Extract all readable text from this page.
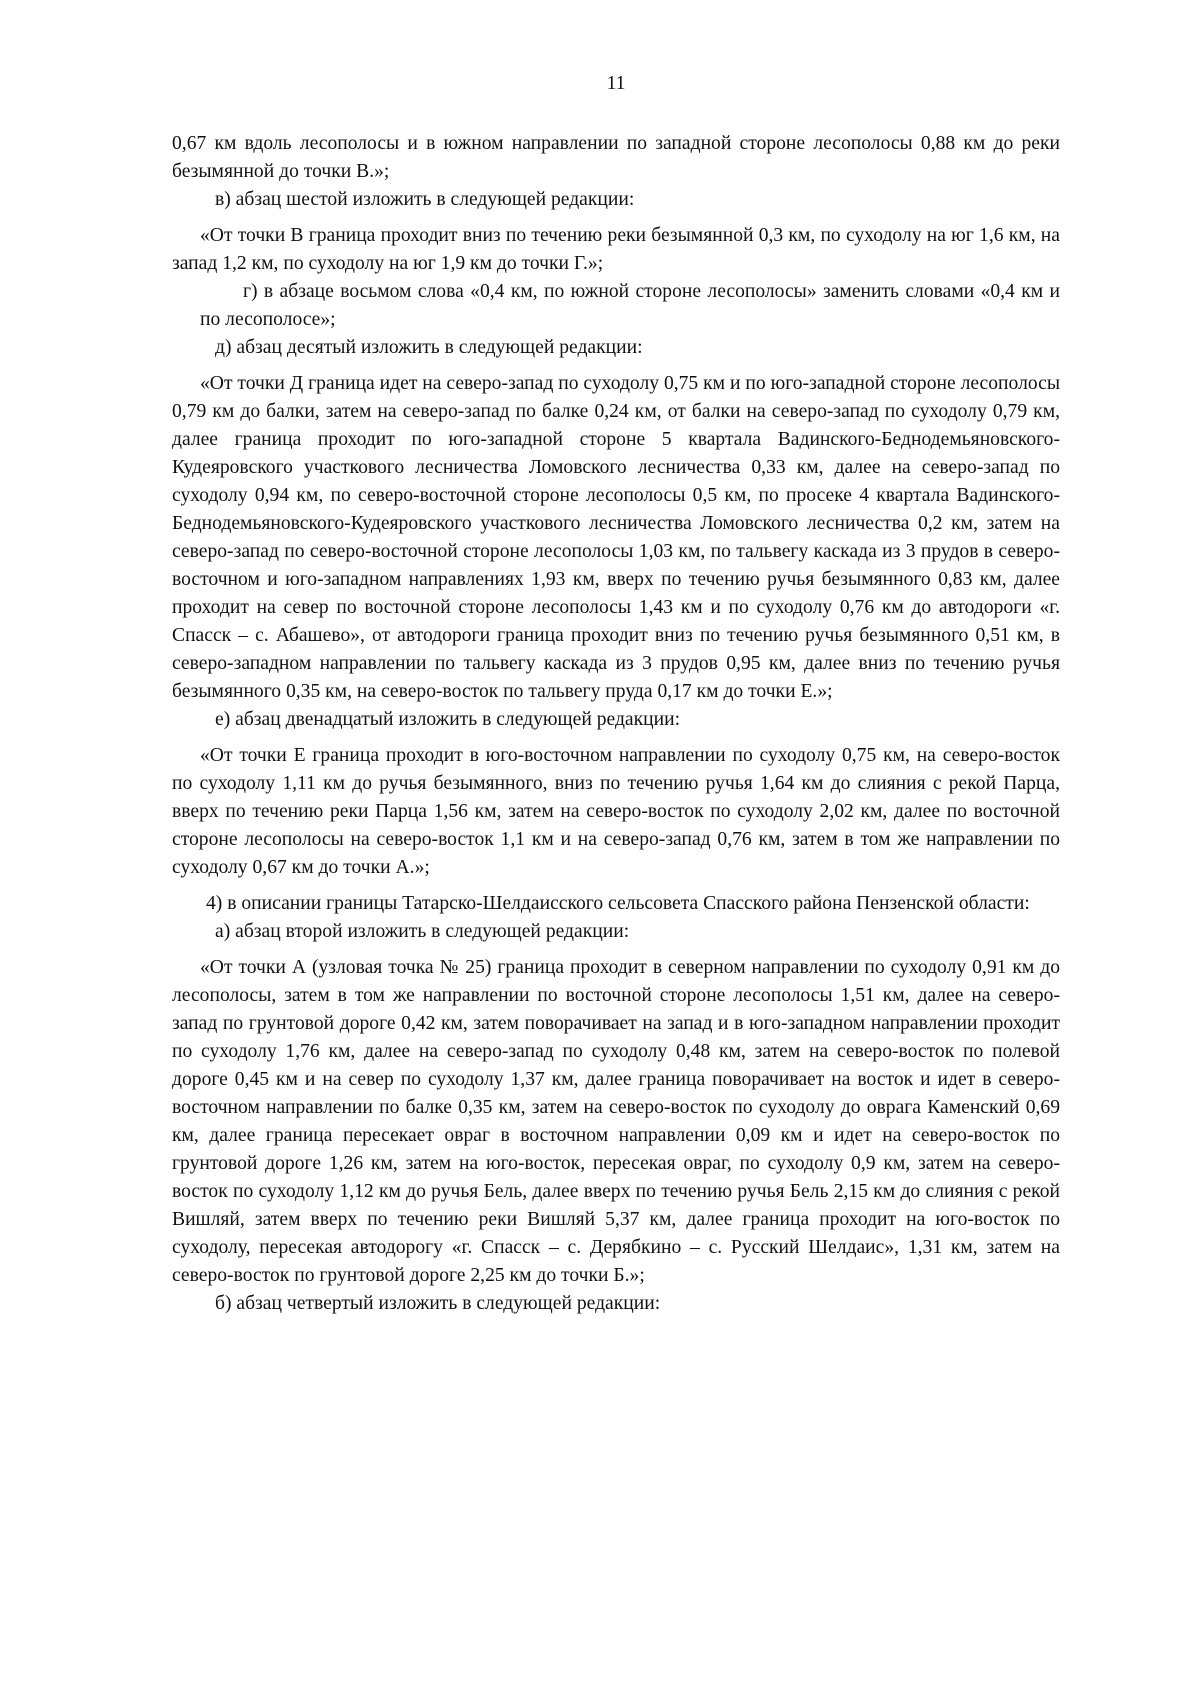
11

0,67 км вдоль лесополосы и в южном направлении по западной стороне лесополосы 0,88 км до реки безымянной до точки В.»;

в) абзац шестой изложить в следующей редакции:

«От точки В граница проходит вниз по течению реки безымянной 0,3 км, по суходолу на юг 1,6 км, на запад 1,2 км, по суходолу на юг 1,9 км до точки Г.»;

г) в абзаце восьмом слова «0,4 км, по южной стороне лесополосы» заменить словами «0,4 км и по лесополосе»;

д) абзац десятый изложить в следующей редакции:

«От точки Д граница идет на северо-запад по суходолу 0,75 км и по юго-западной стороне лесополосы 0,79 км до балки, затем на северо-запад по балке 0,24 км, от балки на северо-запад по суходолу 0,79 км, далее граница проходит по юго-западной стороне 5 квартала Вадинского-Беднодемьяновского-Кудеяровского участкового лесничества Ломовского лесничества 0,33 км, далее на северо-запад по суходолу 0,94 км, по северо-восточной стороне лесополосы 0,5 км, по просеке 4 квартала Вадинского-Беднодемьяновского-Кудеяровского участкового лесничества Ломовского лесничества 0,2 км, затем на северо-запад по северо-восточной стороне лесополосы 1,03 км, по тальвегу каскада из 3 прудов в северо-восточном и юго-западном направлениях 1,93 км, вверх по течению ручья безымянного 0,83 км, далее проходит на север по восточной стороне лесополосы 1,43 км и по суходолу 0,76 км до автодороги «г. Спасск – с. Абашево», от автодороги граница проходит вниз по течению ручья безымянного 0,51 км, в северо-западном направлении по тальвегу каскада из 3 прудов 0,95 км, далее вниз по течению ручья безымянного 0,35 км, на северо-восток по тальвегу пруда 0,17 км до точки Е.»;

е) абзац двенадцатый изложить в следующей редакции:

«От точки Е граница проходит в юго-восточном направлении по суходолу 0,75 км, на северо-восток по суходолу 1,11 км до ручья безымянного, вниз по течению ручья 1,64 км до слияния с рекой Парца, вверх по течению реки Парца 1,56 км, затем на северо-восток по суходолу 2,02 км, далее по восточной стороне лесополосы на северо-восток 1,1 км и на северо-запад 0,76 км, затем в том же направлении по суходолу 0,67 км до точки А.»;

4) в описании границы Татарско-Шелдаисского сельсовета Спасского района Пензенской области:

а) абзац второй изложить в следующей редакции:

«От точки А (узловая точка № 25) граница проходит в северном направлении по суходолу 0,91 км до лесополосы, затем в том же направлении по восточной стороне лесополосы 1,51 км, далее на северо-запад по грунтовой дороге 0,42 км, затем поворачивает на запад и в юго-западном направлении проходит по суходолу 1,76 км, далее на северо-запад по суходолу 0,48 км, затем на северо-восток по полевой дороге 0,45 км и на север по суходолу 1,37 км, далее граница поворачивает на восток и идет в северо-восточном направлении по балке 0,35 км, затем на северо-восток по суходолу до оврага Каменский 0,69 км, далее граница пересекает овраг в восточном направлении 0,09 км и идет на северо-восток по грунтовой дороге 1,26 км, затем на юго-восток, пересекая овраг, по суходолу 0,9 км, затем на северо-восток по суходолу 1,12 км до ручья Бель, далее вверх по течению ручья Бель 2,15 км до слияния с рекой Вишляй, затем вверх по течению реки Вишляй 5,37 км, далее граница проходит на юго-восток по суходолу, пересекая автодорогу «г. Спасск – с. Дерябкино – с. Русский Шелдаис», 1,31 км, затем на северо-восток по грунтовой дороге 2,25 км до точки Б.»;

б) абзац четвертый изложить в следующей редакции:
